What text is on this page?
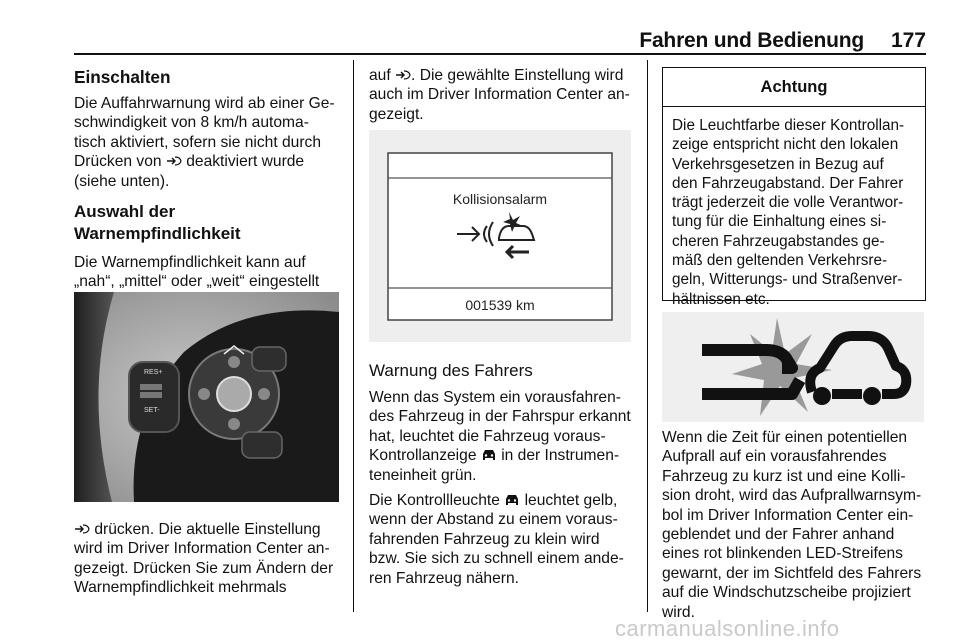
Fahren und Bedienung	177

Einschalten

Die Auffahrwarnung wird ab einer Ge-

schwindigkeit von 8 km/h automa-

tisch aktiviert, sofern sie nicht durch

Drücken von deaktiviert wurde

(siehe unten).

Auswahl der Warnempfindlichkeit

Die Warnempfindlichkeit kann auf

„nah“, „mittel“ oder „weit“ eingestellt

RES+
SET-

drücken. Die aktuelle Einstellung

wird im Driver Information Center an-

gezeigt. Drücken Sie zum Ändern der

Warnempfindlichkeit mehrmals

auf . Die gewählte Einstellung wird

auch im Driver Information Center an-

gezeigt.

Kollisionsalarm
001539 km

Warnung des Fahrers

Wenn das System ein vorausfahren-

des Fahrzeug in der Fahrspur erkannt

hat, leuchtet die Fahrzeug voraus-

Kontrollanzeige in der Instrumen-

teneinheit grün.

Die Kontrollleuchte leuchtet gelb,

wenn der Abstand zu einem voraus-

fahrenden Fahrzeug zu klein wird

bzw. Sie sich zu schnell einem ande-

ren Fahrzeug nähern.

Achtung
Die Leuchtfarbe dieser Kontrollan-
zeige entspricht nicht den lokalen
Verkehrsgesetzen in Bezug auf
den Fahrzeugabstand. Der Fahrer
trägt jederzeit die volle Verantwor-
tung für die Einhaltung eines si-
cheren Fahrzeugabstandes ge-
mäß den geltenden Verkehrsre-
geln, Witterungs- und Straßenver-
hältnissen etc.

Wenn die Zeit für einen potentiellen

Aufprall auf ein vorausfahrendes

Fahrzeug zu kurz ist und eine Kolli-

sion droht, wird das Aufprallwarnsym-

bol im Driver Information Center ein-

geblendet und der Fahrer anhand

eines rot blinkenden LED-Streifens

gewarnt, der im Sichtfeld des Fahrers

auf die Windschutzscheibe projiziert

wird.

carmanualsonline.info
